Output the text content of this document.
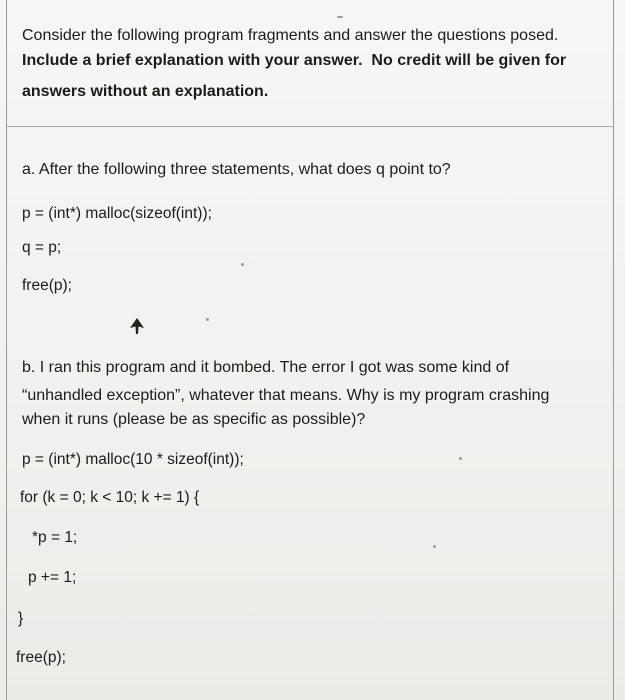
Consider the following program fragments and answer the questions posed.
Include a brief explanation with your answer. No credit will be given for
answers without an explanation.
a. After the following three statements, what does q point to?
p = (int*) malloc(sizeof(int));
q = p;
free(p);
b. I ran this program and it bombed. The error I got was some kind of
“unhandled exception”, whatever that means. Why is my program crashing
when it runs (please be as specific as possible)?
p = (int*) malloc(10 * sizeof(int));
for (k = 0; k < 10; k += 1) {
*p = 1;
p += 1;
}
free(p);
